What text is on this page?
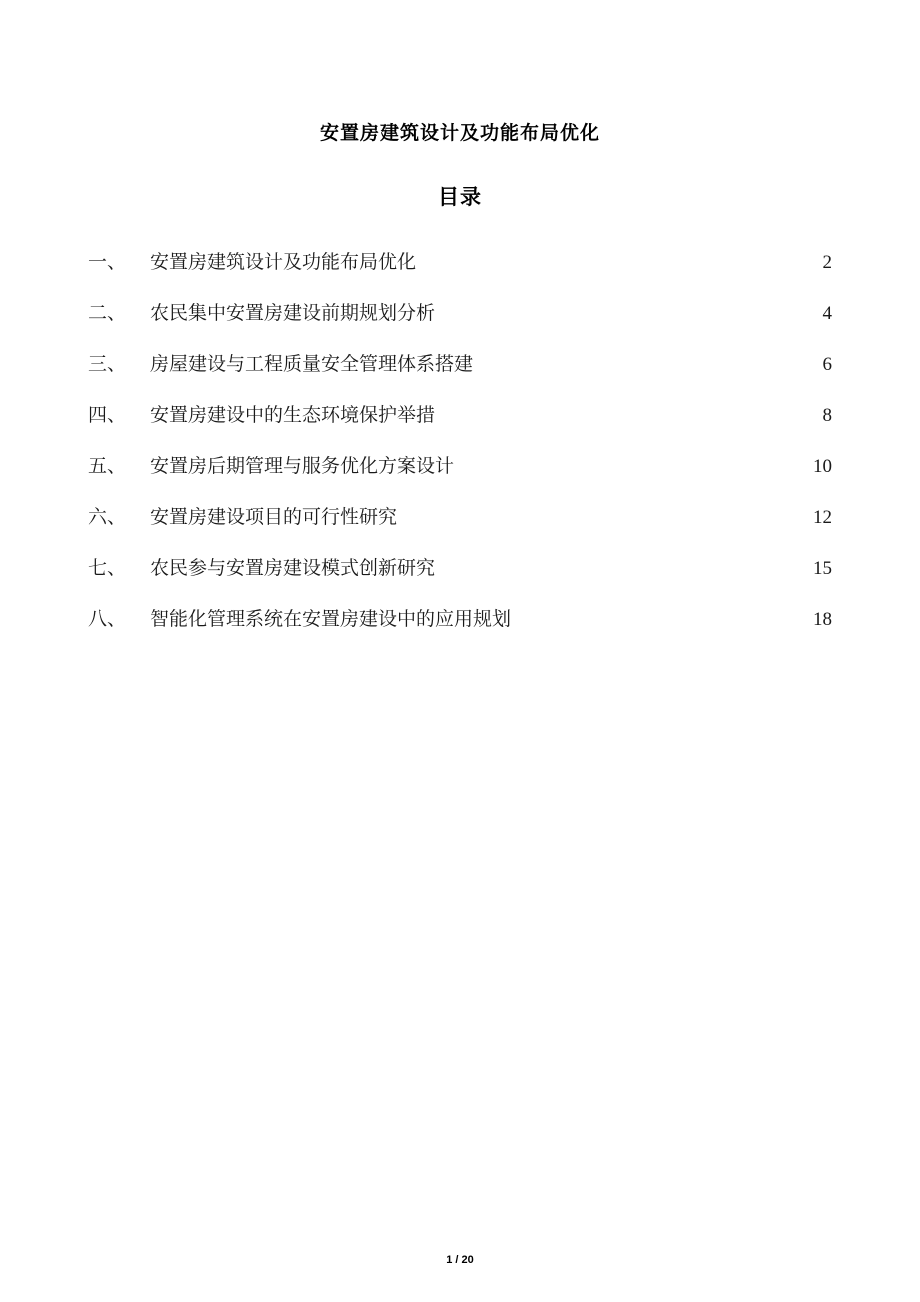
安置房建筑设计及功能布局优化
目录
一、	安置房建筑设计及功能布局优化 .....	2
二、	农民集中安置房建设前期规划分析 .....	4
三、	房屋建设与工程质量安全管理体系搭建 .....	6
四、	安置房建设中的生态环境保护举措 .....	8
五、	安置房后期管理与服务优化方案设计 .....	10
六、	安置房建设项目的可行性研究 .....	12
七、	农民参与安置房建设模式创新研究 .....	15
八、	智能化管理系统在安置房建设中的应用规划 .....	18
1 / 20
